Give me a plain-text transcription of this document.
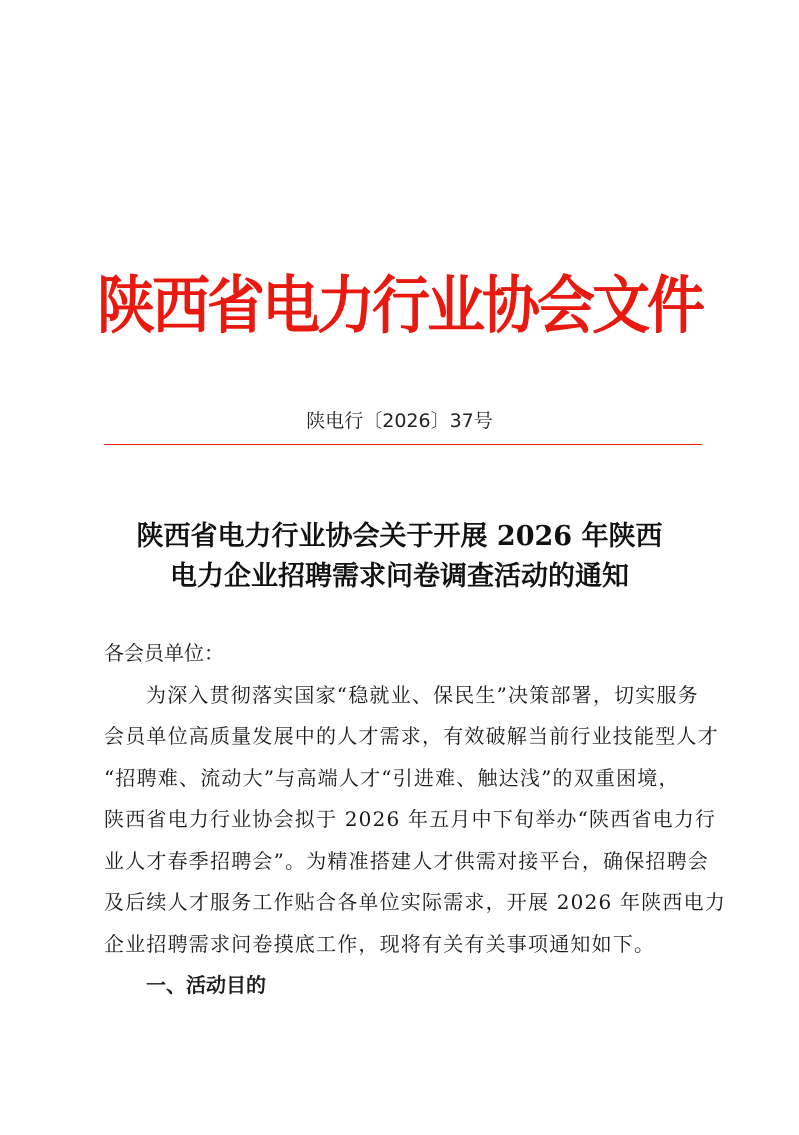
陕西省电力行业协会文件
陕电行〔2026〕37号
陕西省电力行业协会关于开展 2026 年陕西
电力企业招聘需求问卷调查活动的通知
各会员单位：
为深入贯彻落实国家“稳就业、保民生”决策部署，切实服务
会员单位高质量发展中的人才需求，有效破解当前行业技能型人才
“招聘难、流动大”与高端人才“引进难、触达浅”的双重困境，
陕西省电力行业协会拟于 2026 年五月中下旬举办“陕西省电力行
业人才春季招聘会”。为精准搭建人才供需对接平台，确保招聘会
及后续人才服务工作贴合各单位实际需求，开展 2026 年陕西电力
企业招聘需求问卷摸底工作，现将有关有关事项通知如下。
一、活动目的
